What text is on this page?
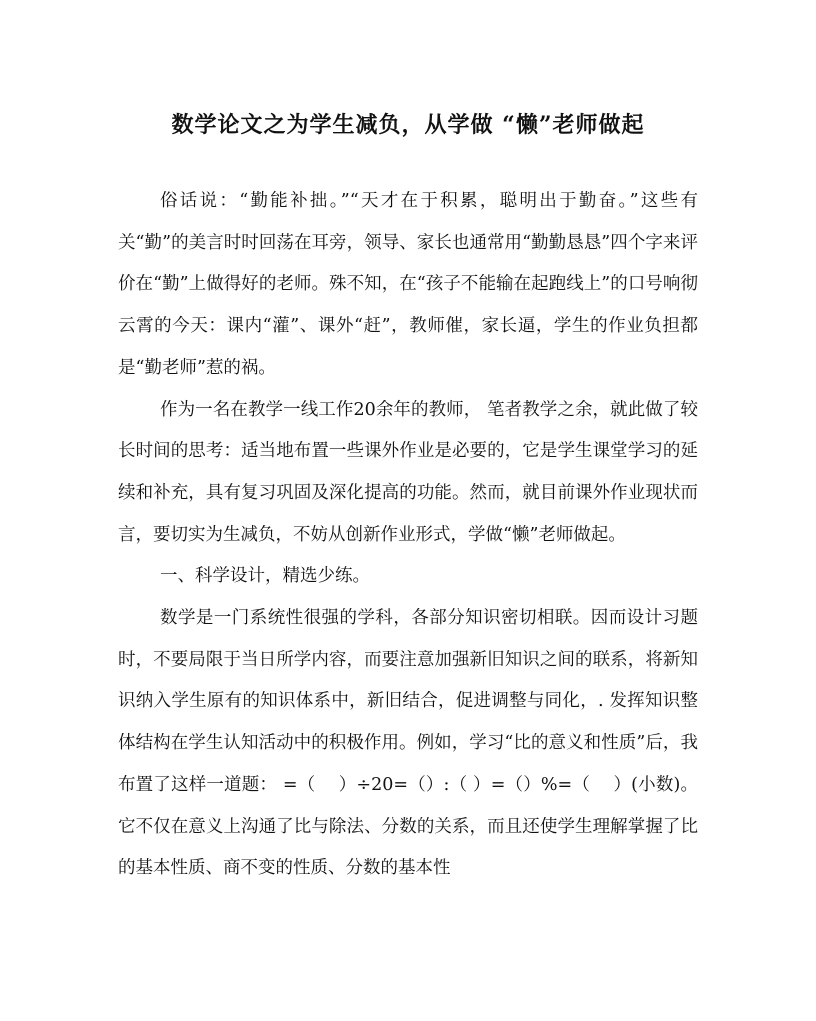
数学论文之为学生减负，从学做 “懒”老师做起

俗话说：“勤能补拙。”“天才在于积累，聪明出于勤奋。”这些有关“勤”的美言时时回荡在耳旁，领导、家长也通常用“勤勤恳恳”四个字来评价在“勤”上做得好的老师。殊不知，在“孩子不能输在起跑线上”的口号响彻云霄的今天：课内“灌”、课外“赶”，教师催，家长逼，学生的作业负担都是“勤老师”惹的祸。

作为一名在教学一线工作20余年的教师， 笔者教学之余，就此做了较长时间的思考：适当地布置一些课外作业是必要的，它是学生课堂学习的延续和补充，具有复习巩固及深化提高的功能。然而，就目前课外作业现状而言，要切实为生减负，不妨从创新作业形式，学做“懒”老师做起。

一、科学设计，精选少练。

数学是一门系统性很强的学科，各部分知识密切相联。因而设计习题时，不要局限于当日所学内容，而要注意加强新旧知识之间的联系，将新知识纳入学生原有的知识体系中，新旧结合，促进调整与同化，. 发挥知识整体结构在学生认知活动中的积极作用。例如，学习“比的意义和性质”后，我布置了这样一道题： =（　 ）÷20=（）:（ ）=（）%=（　 ）(小数)。它不仅在意义上沟通了比与除法、分数的关系，而且还使学生理解掌握了比的基本性质、商不变的性质、分数的基本性
